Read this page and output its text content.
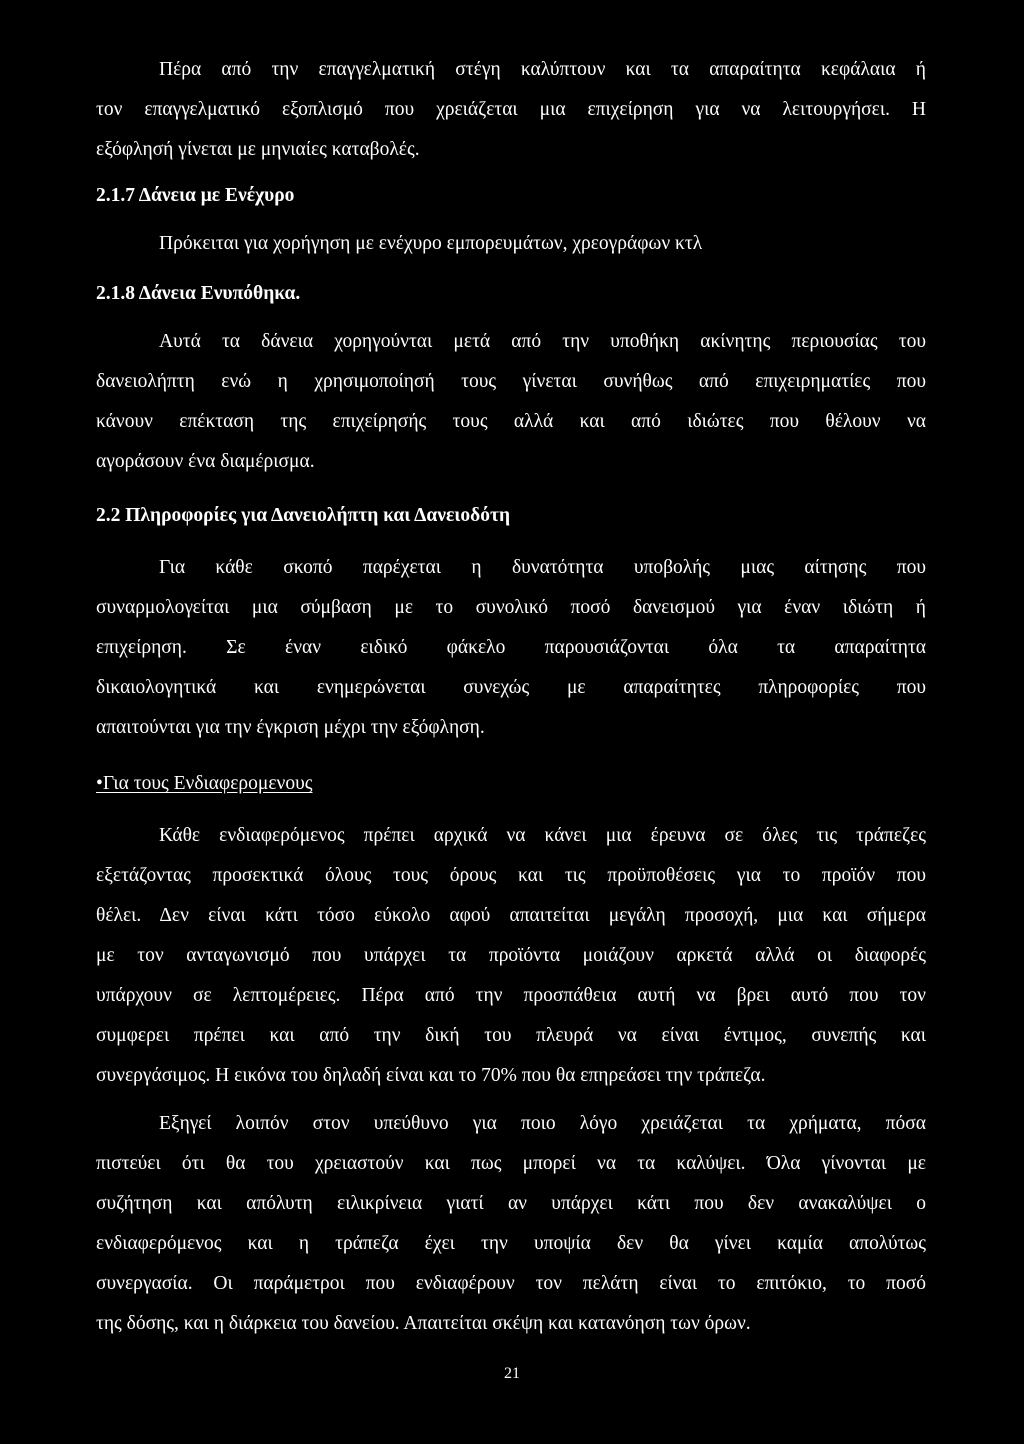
Πέρα από την επαγγελματική στέγη καλύπτουν και τα απαραίτητα κεφάλαια ή
τον επαγγελματικό εξοπλισμό που χρειάζεται μια επιχείρηση για να λειτουργήσει. Η
εξόφλησή γίνεται με μηνιαίες καταβολές.
2.1.7 Δάνεια με Ενέχυρο
Πρόκειται για χορήγηση με ενέχυρο εμπορευμάτων, χρεογράφων κτλ
2.1.8 Δάνεια Ενυπόθηκα.
Αυτά τα δάνεια χορηγούνται μετά από την υποθήκη ακίνητης περιουσίας του
δανειολήπτη ενώ η χρησιμοποίησή τους γίνεται συνήθως από επιχειρηματίες που
κάνουν επέκταση της επιχείρησής τους αλλά και από ιδιώτες που θέλουν να
αγοράσουν ένα διαμέρισμα.
2.2 Πληροφορίες για Δανειολήπτη και Δανειοδότη
Για κάθε σκοπό παρέχεται η δυνατότητα υποβολής μιας αίτησης που
συναρμολογείται μια σύμβαση με το συνολικό ποσό δανεισμού για έναν ιδιώτη ή
επιχείρηση. Σε έναν ειδικό φάκελο παρουσιάζονται όλα τα απαραίτητα
δικαιολογητικά και ενημερώνεται συνεχώς με απαραίτητες πληροφορίες που
απαιτούνται για την έγκριση μέχρι την εξόφληση.
•Για τους Ενδιαφερομενους
Κάθε ενδιαφερόμενος πρέπει αρχικά να κάνει μια έρευνα σε όλες τις τράπεζες
εξετάζοντας προσεκτικά όλους τους όρους και τις προϋποθέσεις για το προϊόν που
θέλει. Δεν είναι κάτι τόσο εύκολο αφού απαιτείται μεγάλη προσοχή, μια και σήμερα
με τον ανταγωνισμό που υπάρχει τα προϊόντα μοιάζουν αρκετά αλλά οι διαφορές
υπάρχουν σε λεπτομέρειες. Πέρα από την προσπάθεια αυτή να βρει αυτό που τον
συμφερει πρέπει και από την δική του πλευρά να είναι έντιμος, συνεπής και
συνεργάσιμος. Η εικόνα του δηλαδή είναι και το 70% που θα επηρεάσει την τράπεζα.
Εξηγεί λοιπόν στον υπεύθυνο για ποιο λόγο χρειάζεται τα χρήματα, πόσα
πιστεύει ότι θα του χρειαστούν και πως μπορεί να τα καλύψει. Όλα γίνονται με
συζήτηση και απόλυτη ειλικρίνεια γιατί αν υπάρχει κάτι που δεν ανακαλύψει ο
ενδιαφερόμενος και η τράπεζα έχει την υποψία δεν θα γίνει καμία απολύτως
συνεργασία. Οι παράμετροι που ενδιαφέρουν τον πελάτη είναι το επιτόκιο, το ποσό
της δόσης, και η διάρκεια του δανείου. Απαιτείται σκέψη και κατανόηση των όρων.
21
